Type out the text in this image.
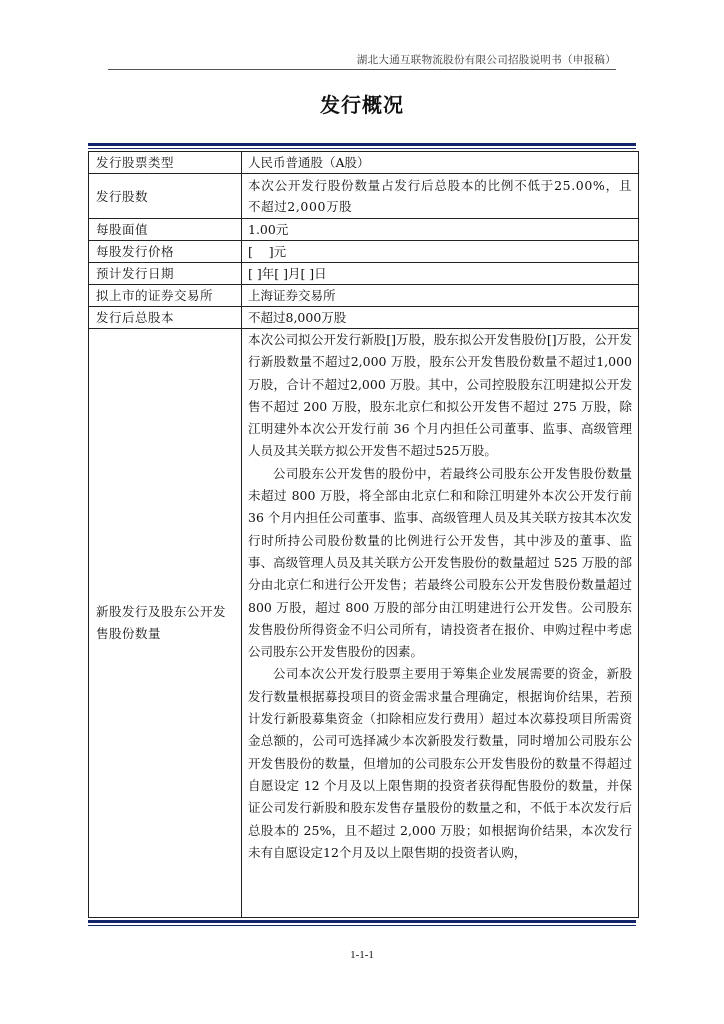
湖北大通互联物流股份有限公司招股说明书（申报稿）
发行概况
发行股票类型	人民币普通股（A股）
发行股数	本次公开发行股份数量占发行后总股本的比例不低于25.00%，且不超过2,000万股
每股面值	1.00元
每股发行价格	[    ]元
预计发行日期	[ ]年[ ]月[ ]日
拟上市的证券交易所	上海证券交易所
发行后总股本	不超过8,000万股
新股发行及股东公开发售股份数量	本次公司拟公开发行新股[]万股，股东拟公开发售股份[]万股，公开发行新股数量不超过2,000 万股，股东公开发售股份数量不超过1,000 万股，合计不超过2,000 万股。其中，公司控股股东江明建拟公开发售不超过 200 万股，股东北京仁和拟公开发售不超过 275 万股，除江明建外本次公开发行前 36 个月内担任公司董事、监事、高级管理人员及其关联方拟公开发售不超过525万股。

公司股东公开发售的股份中，若最终公司股东公开发售股份数量未超过 800 万股，将全部由北京仁和和除江明建外本次公开发行前 36 个月内担任公司董事、监事、高级管理人员及其关联方按其本次发行时所持公司股份数量的比例进行公开发售，其中涉及的董事、监事、高级管理人员及其关联方公开发售股份的数量超过 525 万股的部分由北京仁和进行公开发售；若最终公司股东公开发售股份数量超过 800 万股，超过 800 万股的部分由江明建进行公开发售。公司股东发售股份所得资金不归公司所有，请投资者在报价、申购过程中考虑公司股东公开发售股份的因素。

公司本次公开发行股票主要用于筹集企业发展需要的资金，新股发行数量根据募投项目的资金需求量合理确定，根据询价结果，若预计发行新股募集资金（扣除相应发行费用）超过本次募投项目所需资金总额的，公司可选择减少本次新股发行数量，同时增加公司股东公开发售股份的数量，但增加的公司股东公开发售股份的数量不得超过自愿设定 12 个月及以上限售期的投资者获得配售股份的数量，并保证公司发行新股和股东发售存量股份的数量之和，不低于本次发行后总股本的 25%，且不超过 2,000 万股；如根据询价结果，本次发行未有自愿设定12个月及以上限售期的投资者认购，

1-1-1
